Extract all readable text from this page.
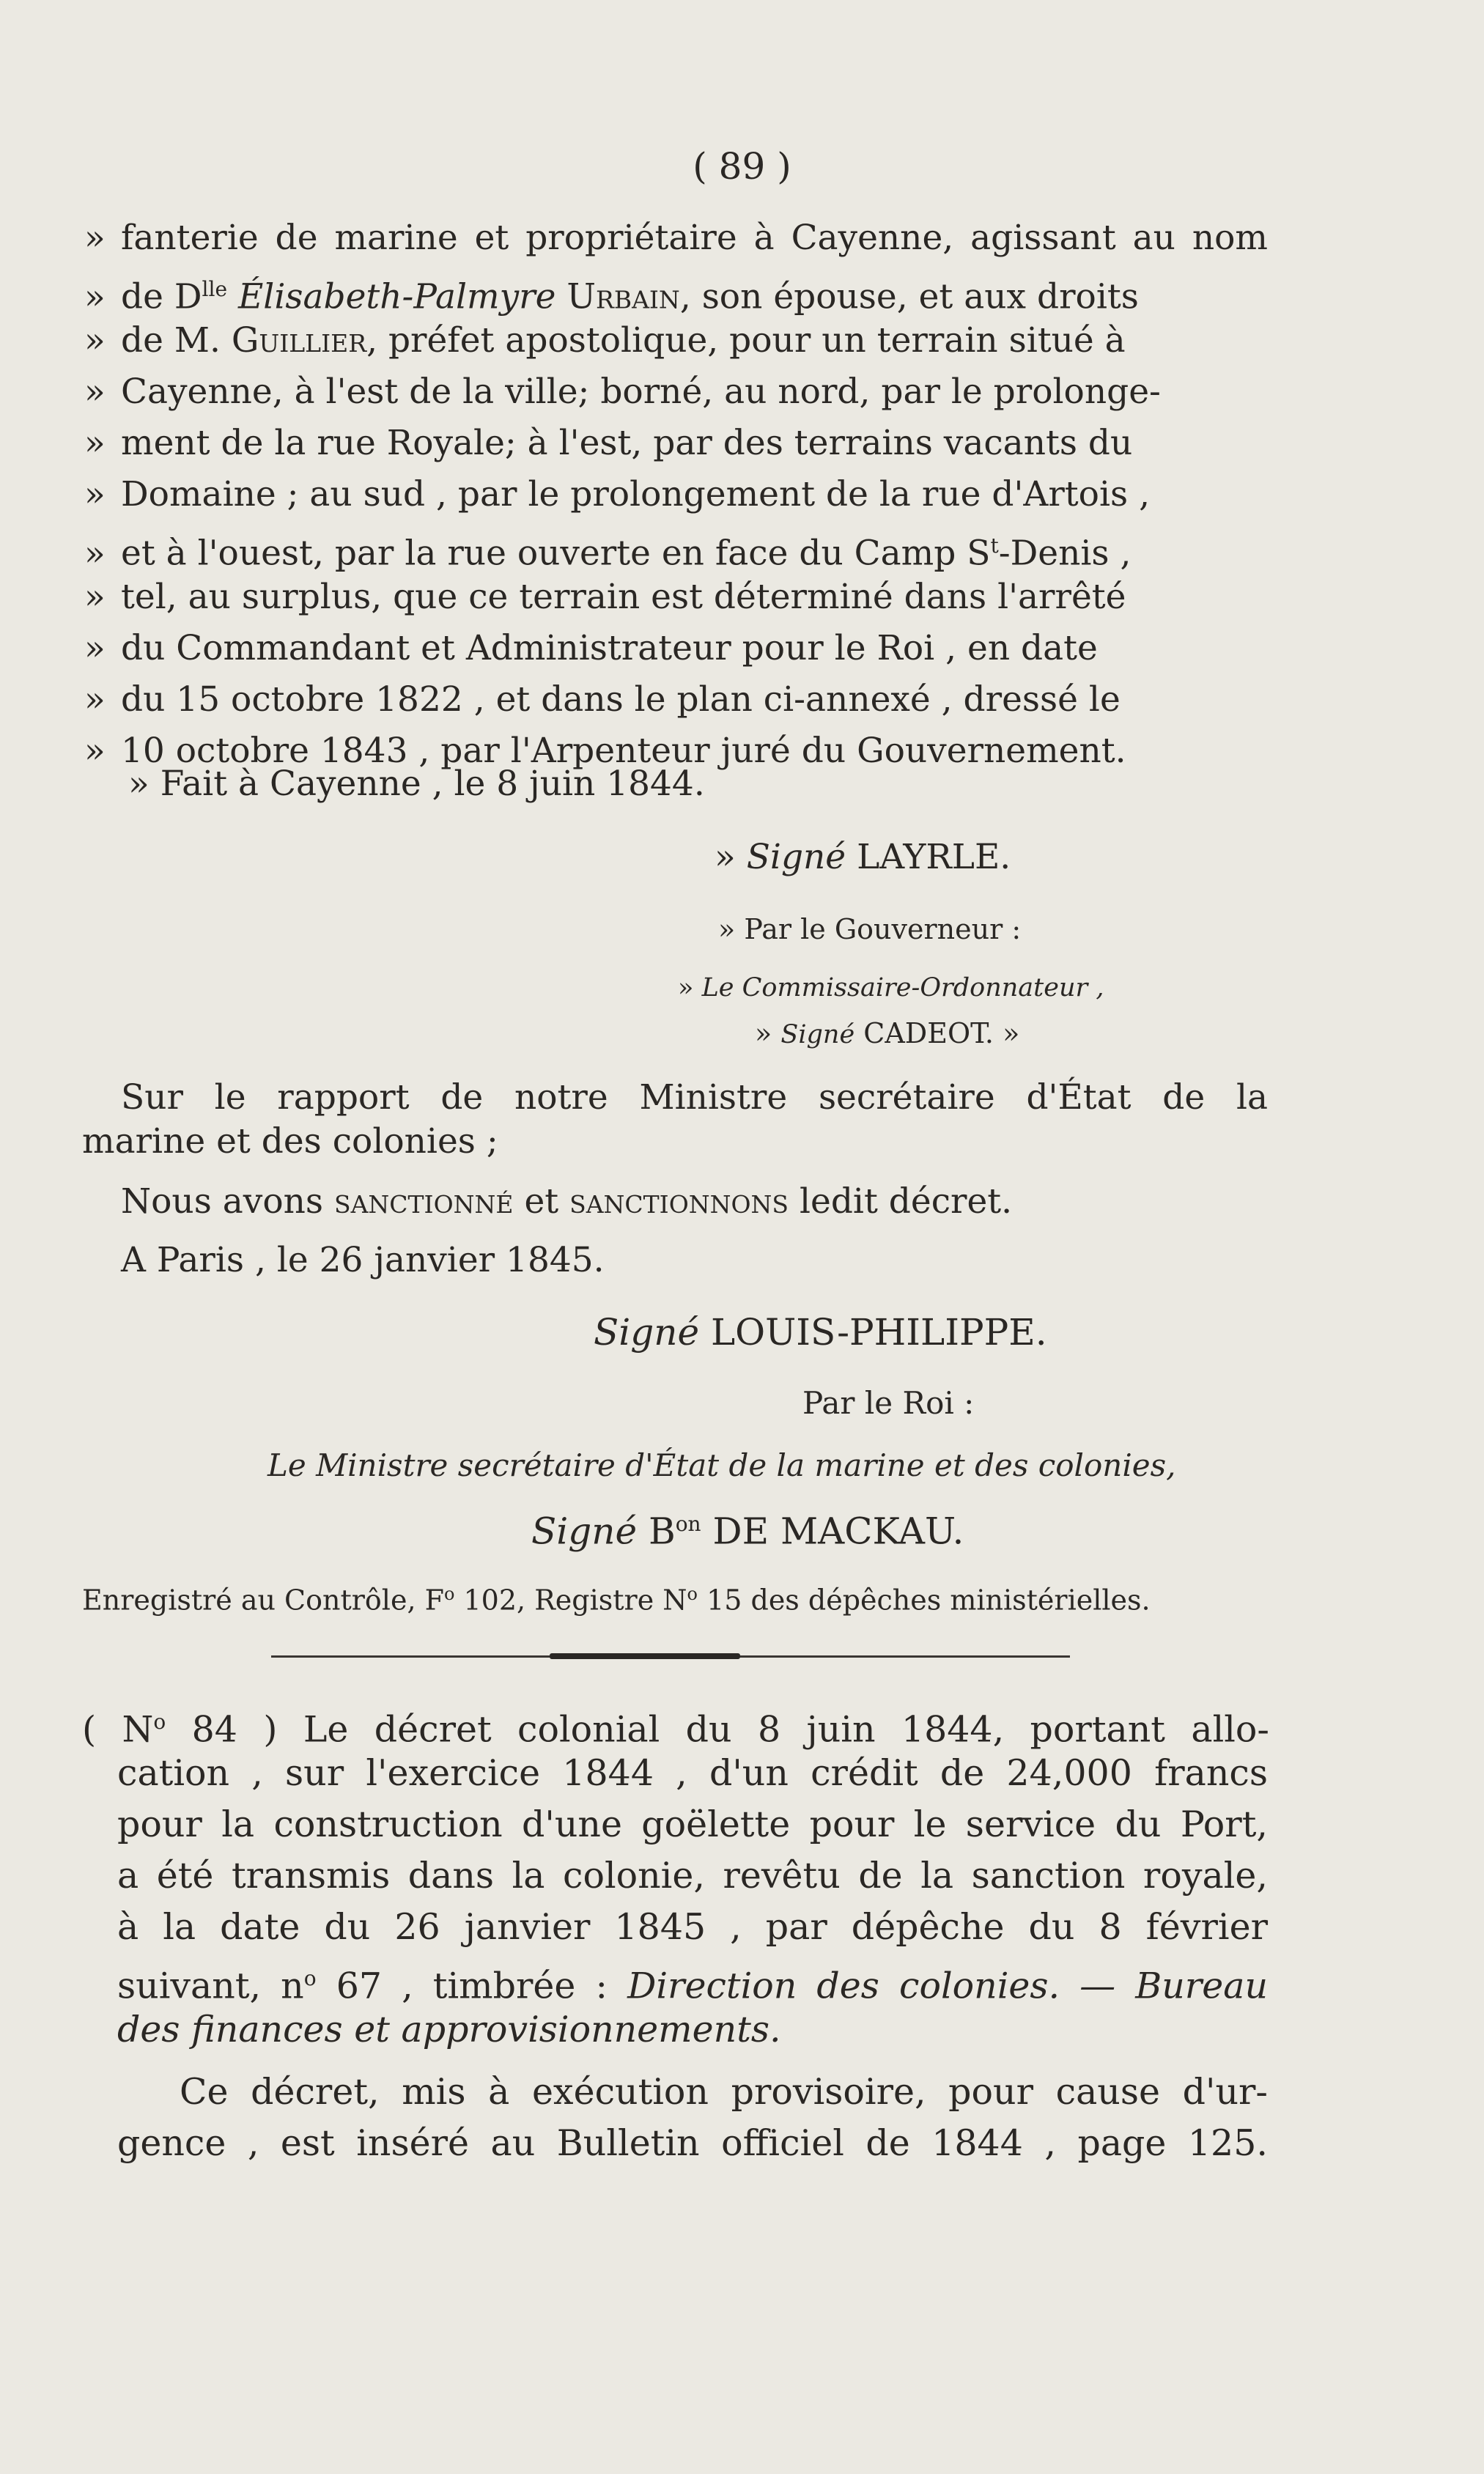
( 89 )
» fanterie de marine et propriétaire à Cayenne, agissant au nom
» de $D^{lle}$ Élisabeth-Palmyre Urbain, son épouse, et aux droits
» de M. Guillier, préfet apostolique, pour un terrain situé à
» Cayenne, à l'est de la ville; borné, au nord, par le prolonge-
» ment de la rue Royale; à l'est, par des terrains vacants du
» Domaine ; au sud , par le prolongement de la rue d'Artois ,
» et à l'ouest, par la rue ouverte en face du Camp $S^t$-Denis ,
» tel, au surplus, que ce terrain est déterminé dans l'arrêté
» du Commandant et Administrateur pour le Roi , en date
» du 15 octobre 1822 , et dans le plan ci-annexé , dressé le
» 10 octobre 1843 , par l'Arpenteur juré du Gouvernement.
» Fait à Cayenne , le 8 juin 1844.
» Signé LAYRLE.
» Par le Gouverneur :
» Le Commissaire-Ordonnateur ,
» Signé CADEOT. »
Sur le rapport de notre Ministre secrétaire d'État de la
marine et des colonies ;
Nous avons sanctionné et sanctionnons ledit décret.
A Paris , le 26 janvier 1845.
Signé LOUIS-PHILIPPE.
Par le Roi :
Le Ministre secrétaire d'État de la marine et des colonies,
Signé $B^{on}$ DE MACKAU.
Enregistré au Contrôle, $F^o$ 102, Registre $N^o$ 15 des dépêches ministérielles.
( $N^o$ 84 ) Le décret colonial du 8 juin 1844, portant allo-
cation , sur l'exercice 1844 , d'un crédit de 24,000 francs
pour la construction d'une goëlette pour le service du Port,
a été transmis dans la colonie, revêtu de la sanction royale,
à la date du 26 janvier 1845 , par dépêche du 8 février
suivant, $n^o$ 67 , timbrée : Direction des colonies. — Bureau
des finances et approvisionnements.
Ce décret, mis à exécution provisoire, pour cause d'ur-
gence , est inséré au Bulletin officiel de 1844 , page 125.
